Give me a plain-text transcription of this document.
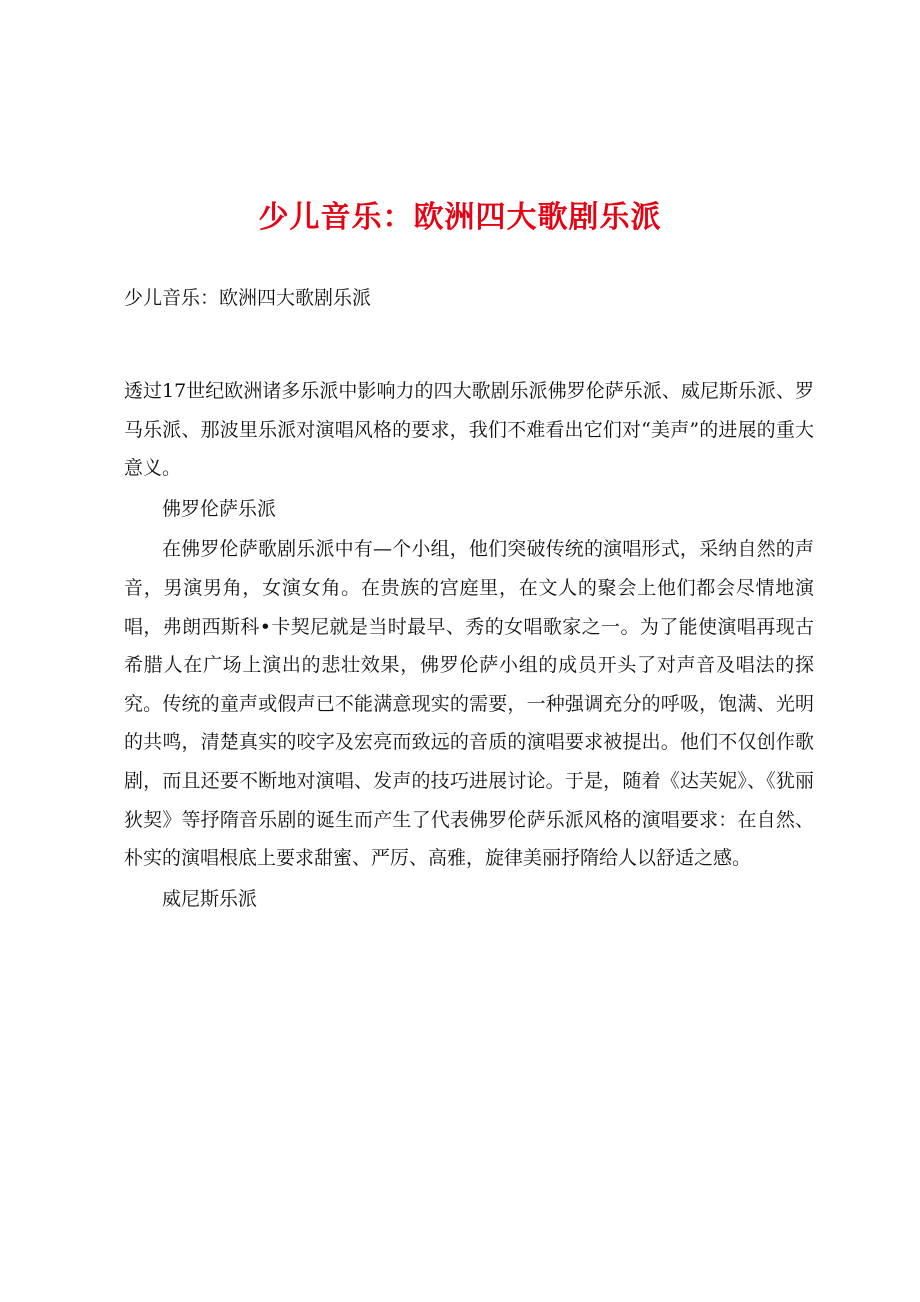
少儿音乐：欧洲四大歌剧乐派
少儿音乐：欧洲四大歌剧乐派

透过17世纪欧洲诸多乐派中影响力的四大歌剧乐派佛罗伦萨乐派、威尼斯乐派、罗马乐派、那波里乐派对演唱风格的要求，我们不难看出它们对“美声”的进展的重大意义。

佛罗伦萨乐派

在佛罗伦萨歌剧乐派中有—个小组，他们突破传统的演唱形式，采纳自然的声音，男演男角，女演女角。在贵族的宫庭里，在文人的聚会上他们都会尽情地演唱，弗朗西斯科•卡契尼就是当时最早、秀的女唱歌家之一。为了能使演唱再现古希腊人在广场上演出的悲壮效果，佛罗伦萨小组的成员开头了对声音及唱法的探究。传统的童声或假声已不能满意现实的需要，一种强调充分的呼吸，饱满、光明的共鸣，清楚真实的咬字及宏亮而致远的音质的演唱要求被提出。他们不仅创作歌剧，而且还要不断地对演唱、发声的技巧进展讨论。于是，随着《达芙妮》、《犹丽狄契》等抒隋音乐剧的诞生而产生了代表佛罗伦萨乐派风格的演唱要求：在自然、朴实的演唱根底上要求甜蜜、严厉、高雅，旋律美丽抒隋给人以舒适之感。

威尼斯乐派
